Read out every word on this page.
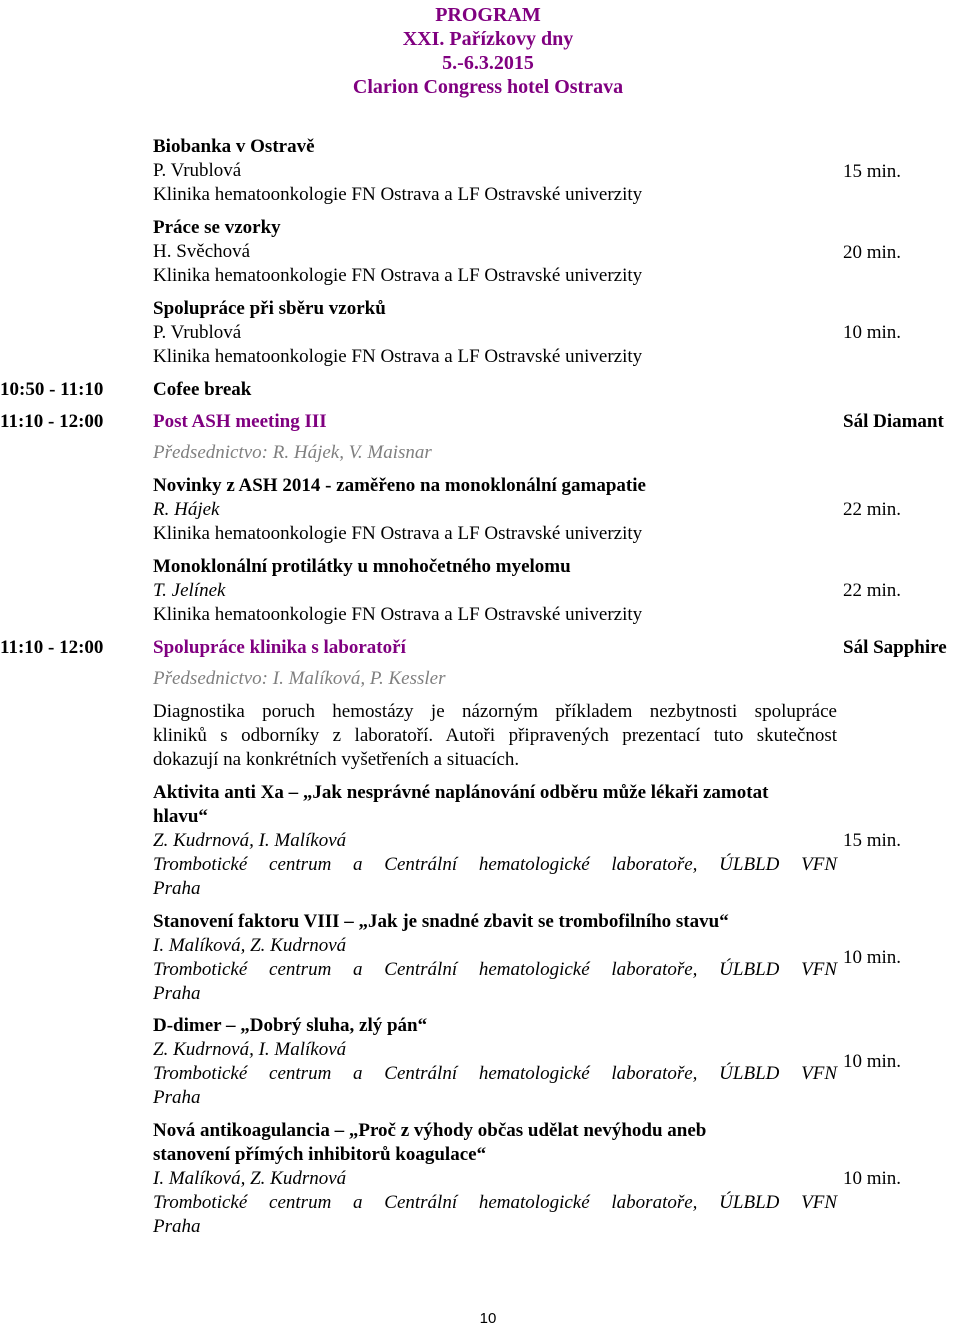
PROGRAM
XXI. Pařízkovy dny
5.-6.3.2015
Clarion Congress hotel Ostrava
Biobanka v Ostravě
P. Vrublová
Klinika hematoonkologie FN Ostrava a LF Ostravské univerzity
15 min.
Práce se vzorky
H. Svěchová
Klinika hematoonkologie FN Ostrava a LF Ostravské univerzity
20 min.
Spolupráce při sběru vzorků
P. Vrublová
Klinika hematoonkologie FN Ostrava a LF Ostravské univerzity
10 min.
10:50 - 11:10	Cofee break
11:10 - 12:00	Post ASH meeting III	Sál Diamant
Předsednictvo: R. Hájek, V. Maisnar
Novinky z ASH 2014 - zaměřeno na monoklonální gamapatie
R. Hájek
Klinika hematoonkologie FN Ostrava a LF Ostravské univerzity
22 min.
Monoklonální protilátky u mnohočetného myelomu
T. Jelínek
Klinika hematoonkologie FN Ostrava a LF Ostravské univerzity
22 min.
11:10 - 12:00	Spolupráce klinika s laboratoří	Sál Sapphire
Předsednictvo: I. Malíková, P. Kessler
Diagnostika poruch hemostázy je názorným příkladem nezbytnosti spolupráce
kliniků s odborníky z laboratoří. Autoři připravených prezentací tuto skutečnost
dokazují na konkrétních vyšetřeních a situacích.
Aktivita anti Xa – „Jak nesprávné naplánování odběru může lékaři zamotat
hlavu“
Z. Kudrnová, I. Malíková
Trombotické centrum a Centrální hematologické laboratoře, ÚLBLD VFN
Praha
15 min.
Stanovení faktoru VIII – „Jak je snadné zbavit se trombofilního stavu“
I. Malíková, Z. Kudrnová
Trombotické centrum a Centrální hematologické laboratoře, ÚLBLD VFN
Praha
10 min.
D-dimer – „Dobrý sluha, zlý pán“
Z. Kudrnová, I. Malíková
Trombotické centrum a Centrální hematologické laboratoře, ÚLBLD VFN
Praha
10 min.
Nová antikoagulancia – „Proč z výhody občas udělat nevýhodu aneb
stanovení přímých inhibitorů koagulace“
I. Malíková, Z. Kudrnová
Trombotické centrum a Centrální hematologické laboratoře, ÚLBLD VFN
Praha
10 min.
10
